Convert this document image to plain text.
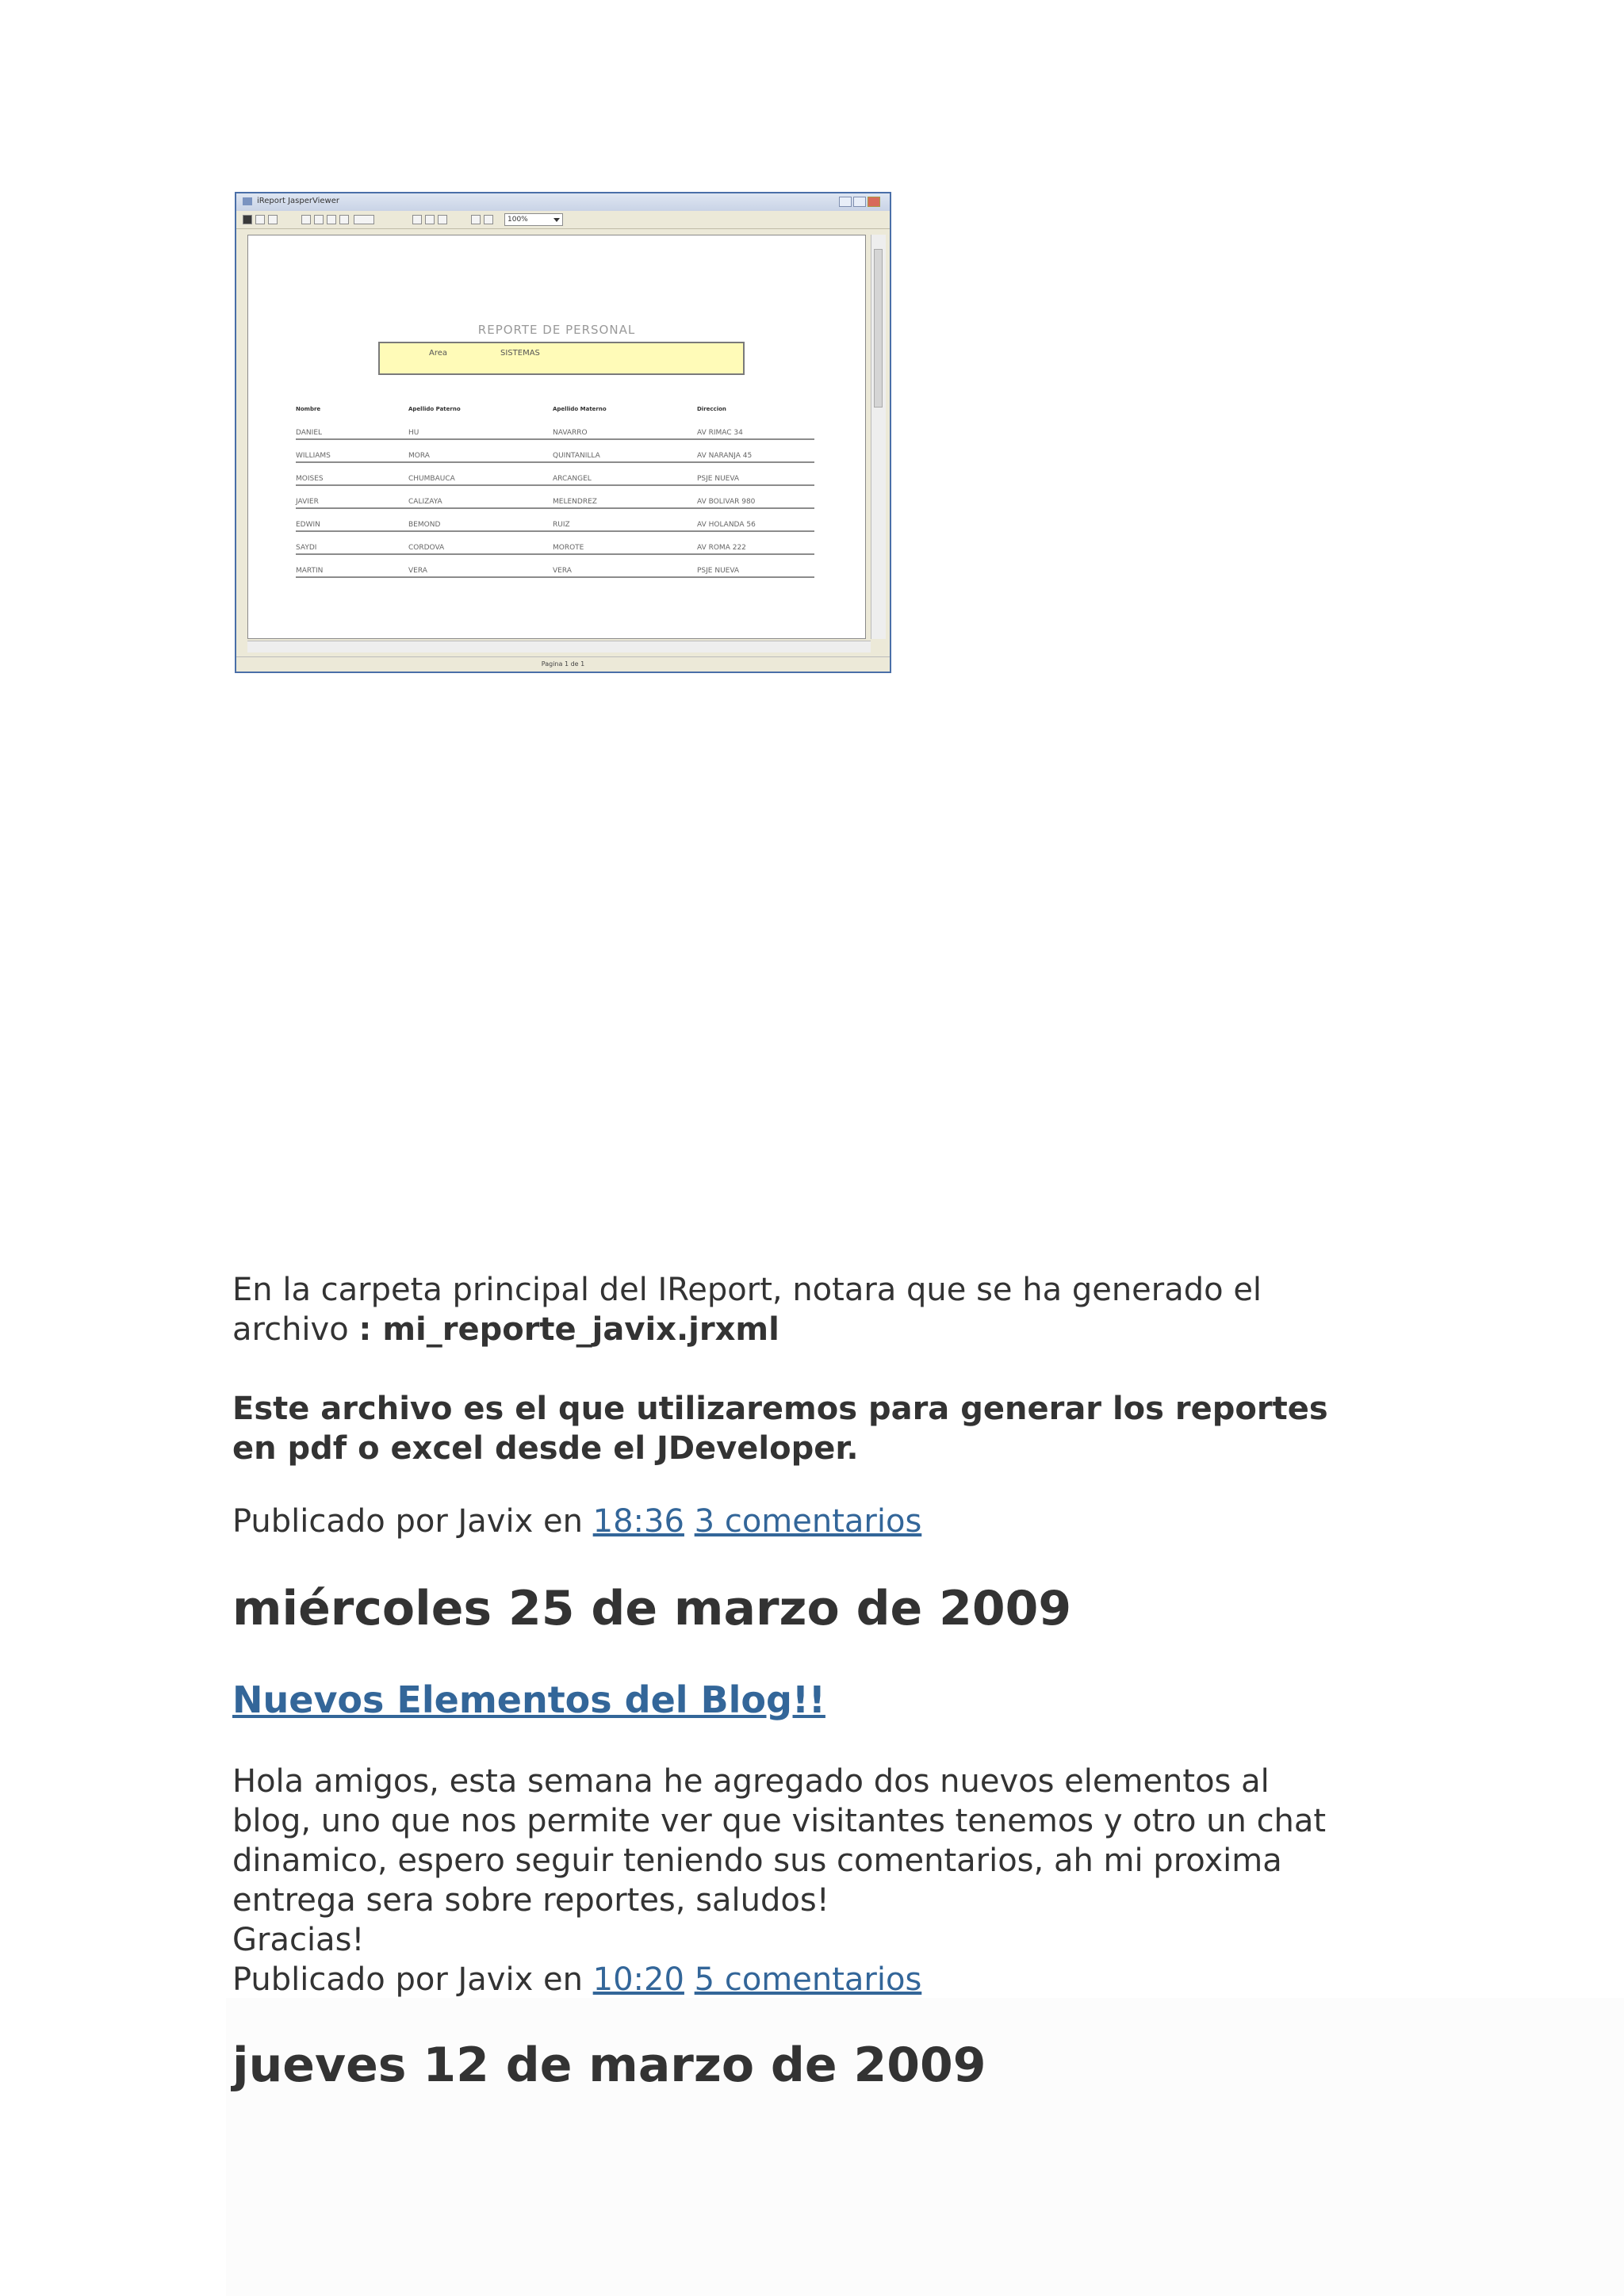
iReport JasperViewer
100%
REPORTE DE PERSONAL
Area	SISTEMAS
Nombre	Apellido Paterno	Apellido Materno	Direccion
DANIEL	HU	NAVARRO	AV RIMAC 34
WILLIAMS	MORA	QUINTANILLA	AV NARANJA 45
MOISES	CHUMBAUCA	ARCANGEL	PSJE NUEVA
JAVIER	CALIZAYA	MELENDREZ	AV BOLIVAR 980
EDWIN	BEMOND	RUIZ	AV HOLANDA 56
SAYDI	CORDOVA	MOROTE	AV ROMA 222
MARTIN	VERA	VERA	PSJE NUEVA
Pagina 1 de 1
En la carpeta principal del IReport, notara que se ha generado el
archivo : mi_reporte_javix.jrxml
Este archivo es el que utilizaremos para generar los reportes
en pdf o excel desde el JDeveloper.
Publicado por Javix en 18:36 3 comentarios
miércoles 25 de marzo de 2009
Nuevos Elementos del Blog!!
Hola amigos, esta semana he agregado dos nuevos elementos al
blog, uno que nos permite ver que visitantes tenemos y otro un chat
dinamico, espero seguir teniendo sus comentarios, ah mi proxima
entrega sera sobre reportes, saludos!
Gracias!
Publicado por Javix en 10:20 5 comentarios
jueves 12 de marzo de 2009
